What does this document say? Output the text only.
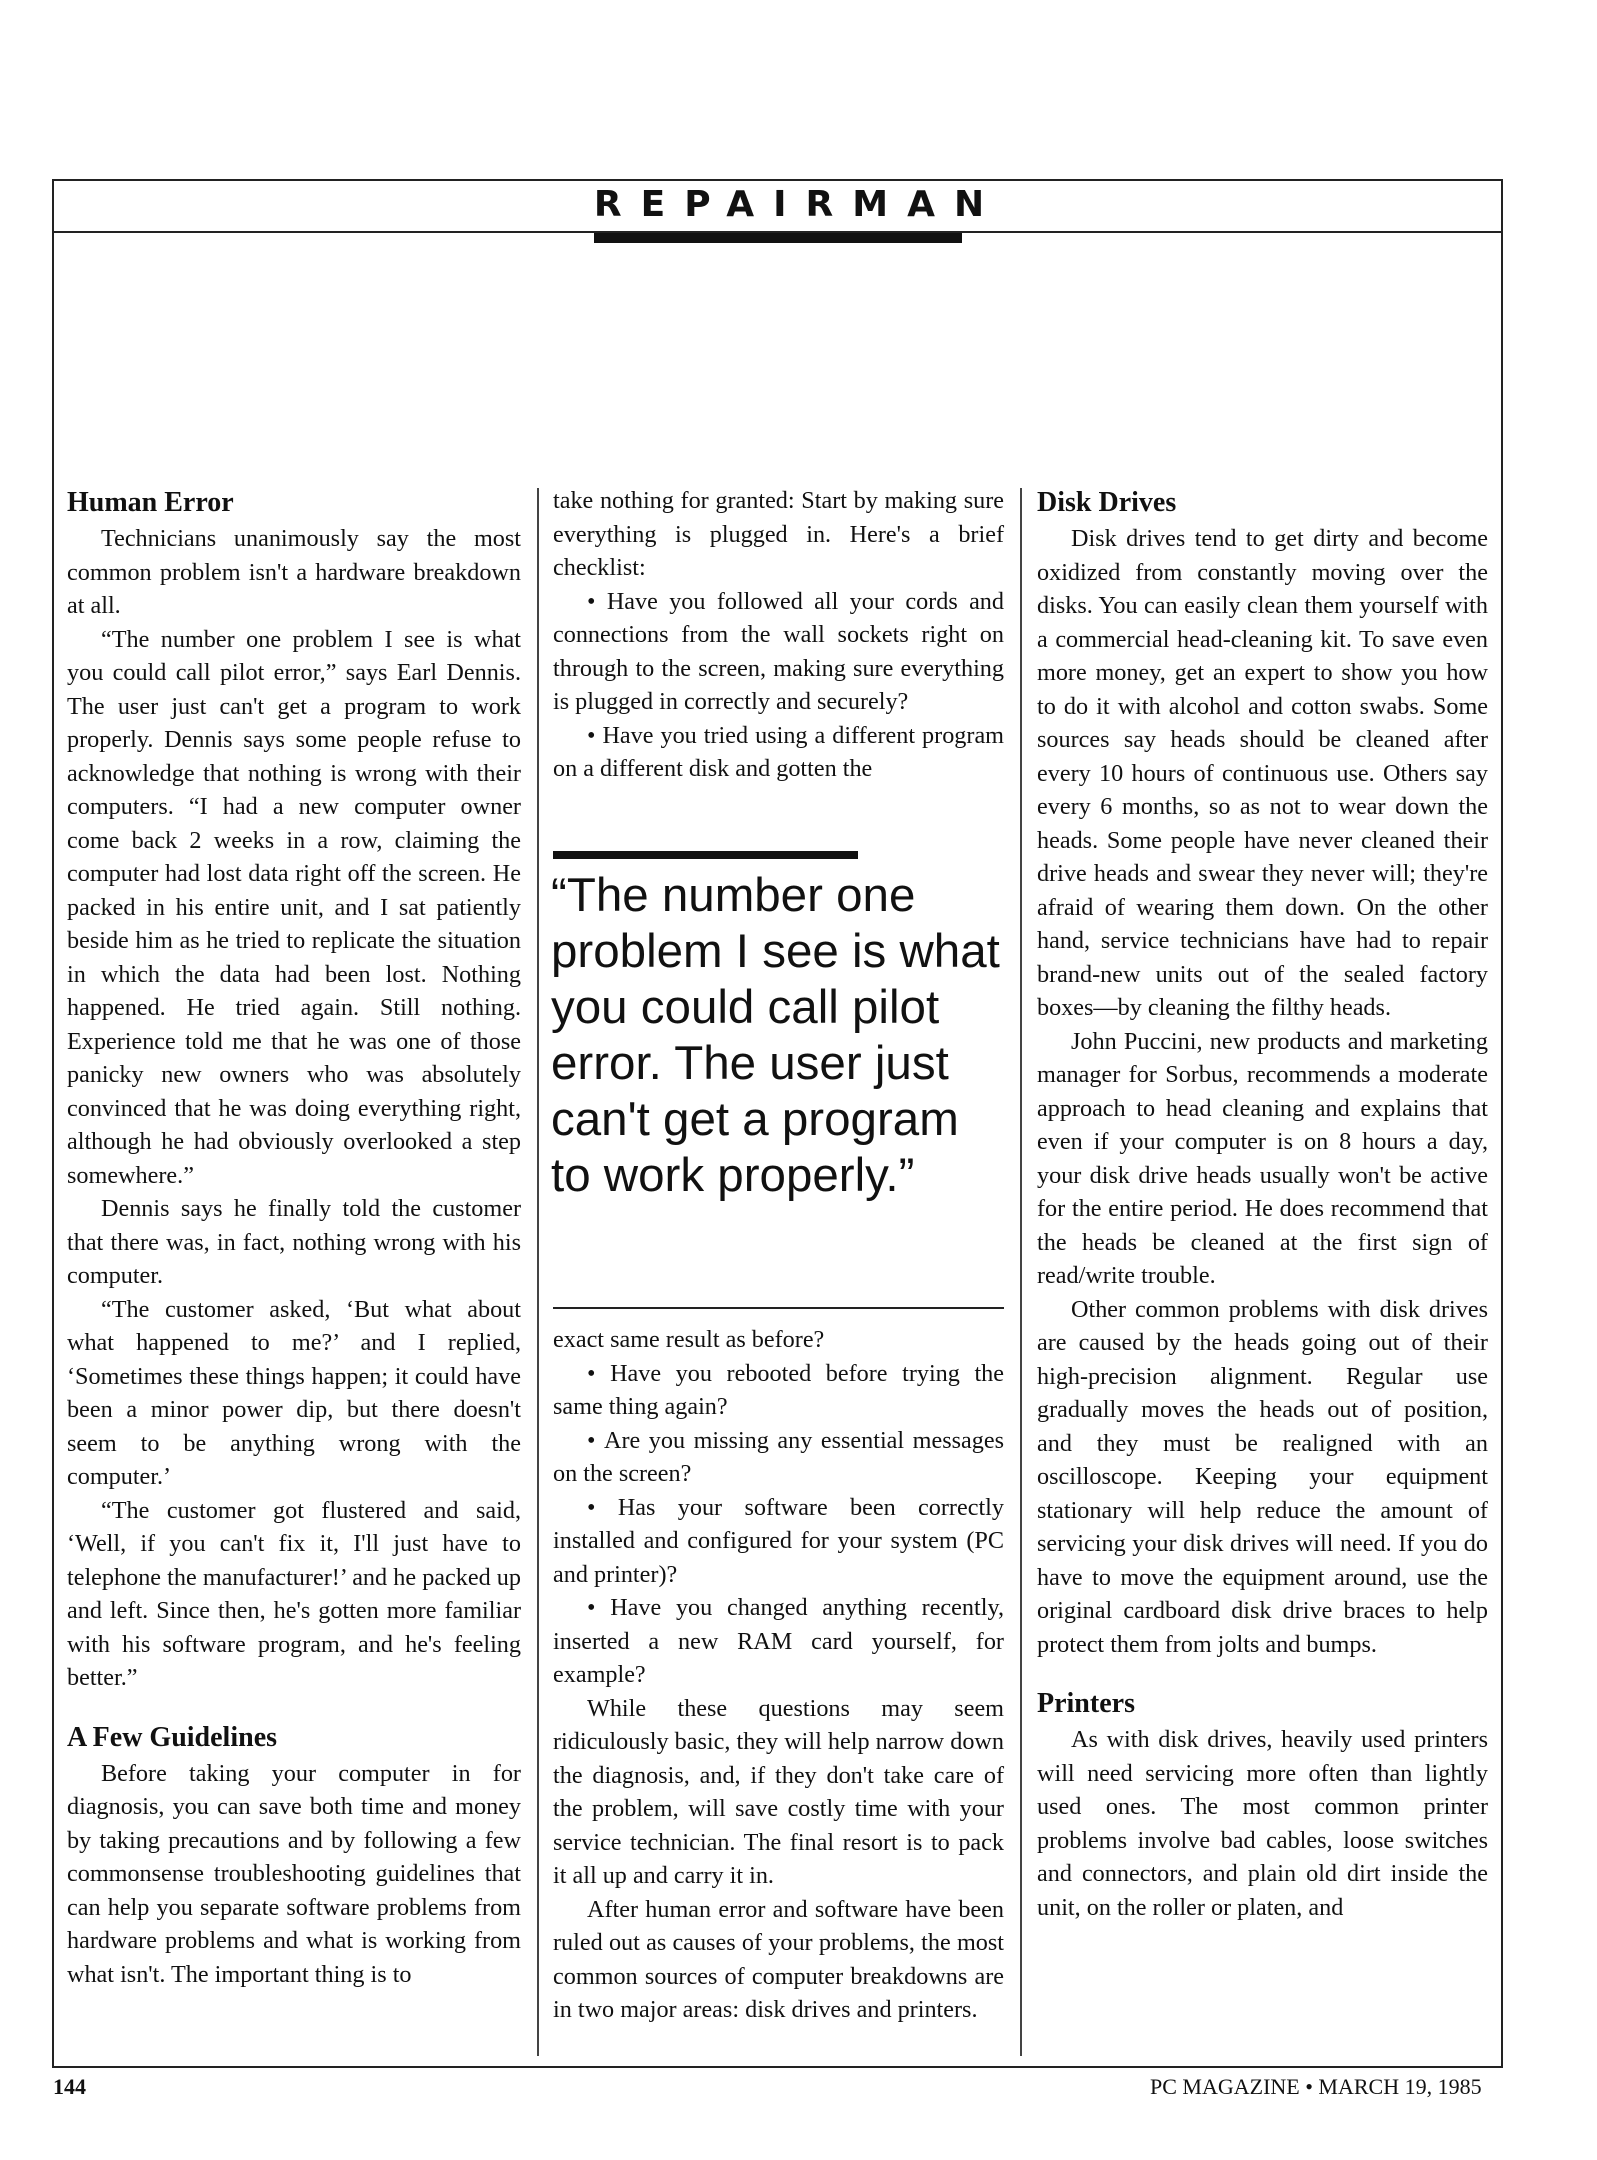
REPAIRMAN
Human Error

Technicians unanimously say the most common problem isn't a hardware breakdown at all.

“The number one problem I see is what you could call pilot error,” says Earl Dennis. The user just can't get a program to work properly. Dennis says some people refuse to acknowledge that nothing is wrong with their computers. “I had a new computer owner come back 2 weeks in a row, claiming the computer had lost data right off the screen. He packed in his entire unit, and I sat patiently beside him as he tried to replicate the situation in which the data had been lost. Nothing happened. He tried again. Still nothing. Experience told me that he was one of those panicky new owners who was absolutely convinced that he was doing everything right, although he had obviously overlooked a step somewhere.”

Dennis says he finally told the customer that there was, in fact, nothing wrong with his computer.

“The customer asked, ‘But what about what happened to me?’ and I replied, ‘Sometimes these things happen; it could have been a minor power dip, but there doesn't seem to be anything wrong with the computer.’

“The customer got flustered and said, ‘Well, if you can't fix it, I'll just have to telephone the manufacturer!’ and he packed up and left. Since then, he's gotten more familiar with his software program, and he's feeling better.”

A Few Guidelines

Before taking your computer in for diagnosis, you can save both time and money by taking precautions and by following a few commonsense troubleshooting guidelines that can help you separate software problems from hardware problems and what is working from what isn't. The important thing is to

take nothing for granted: Start by making sure everything is plugged in. Here's a brief checklist:

• Have you followed all your cords and connections from the wall sockets right on through to the screen, making sure everything is plugged in correctly and securely?

• Have you tried using a different program on a different disk and gotten the

“The number one problem I see is what you could call pilot error. The user just can't get a program to work properly.”

exact same result as before?

• Have you rebooted before trying the same thing again?

• Are you missing any essential messages on the screen?

• Has your software been correctly installed and configured for your system (PC and printer)?

• Have you changed anything recently, inserted a new RAM card yourself, for example?

While these questions may seem ridiculously basic, they will help narrow down the diagnosis, and, if they don't take care of the problem, will save costly time with your service technician. The final resort is to pack it all up and carry it in.

After human error and software have been ruled out as causes of your problems, the most common sources of computer breakdowns are in two major areas: disk drives and printers.

Disk Drives

Disk drives tend to get dirty and become oxidized from constantly moving over the disks. You can easily clean them yourself with a commercial head-cleaning kit. To save even more money, get an expert to show you how to do it with alcohol and cotton swabs. Some sources say heads should be cleaned after every 10 hours of continuous use. Others say every 6 months, so as not to wear down the heads. Some people have never cleaned their drive heads and swear they never will; they're afraid of wearing them down. On the other hand, service technicians have had to repair brand-new units out of the sealed factory boxes—by cleaning the filthy heads.

John Puccini, new products and marketing manager for Sorbus, recommends a moderate approach to head cleaning and explains that even if your computer is on 8 hours a day, your disk drive heads usually won't be active for the entire period. He does recommend that the heads be cleaned at the first sign of read/write trouble.

Other common problems with disk drives are caused by the heads going out of their high-precision alignment. Regular use gradually moves the heads out of position, and they must be realigned with an oscilloscope. Keeping your equipment stationary will help reduce the amount of servicing your disk drives will need. If you do have to move the equipment around, use the original cardboard disk drive braces to help protect them from jolts and bumps.

Printers

As with disk drives, heavily used printers will need servicing more often than lightly used ones. The most common printer problems involve bad cables, loose switches and connectors, and plain old dirt inside the unit, on the roller or platen, and

144	PC MAGAZINE • MARCH 19, 1985
